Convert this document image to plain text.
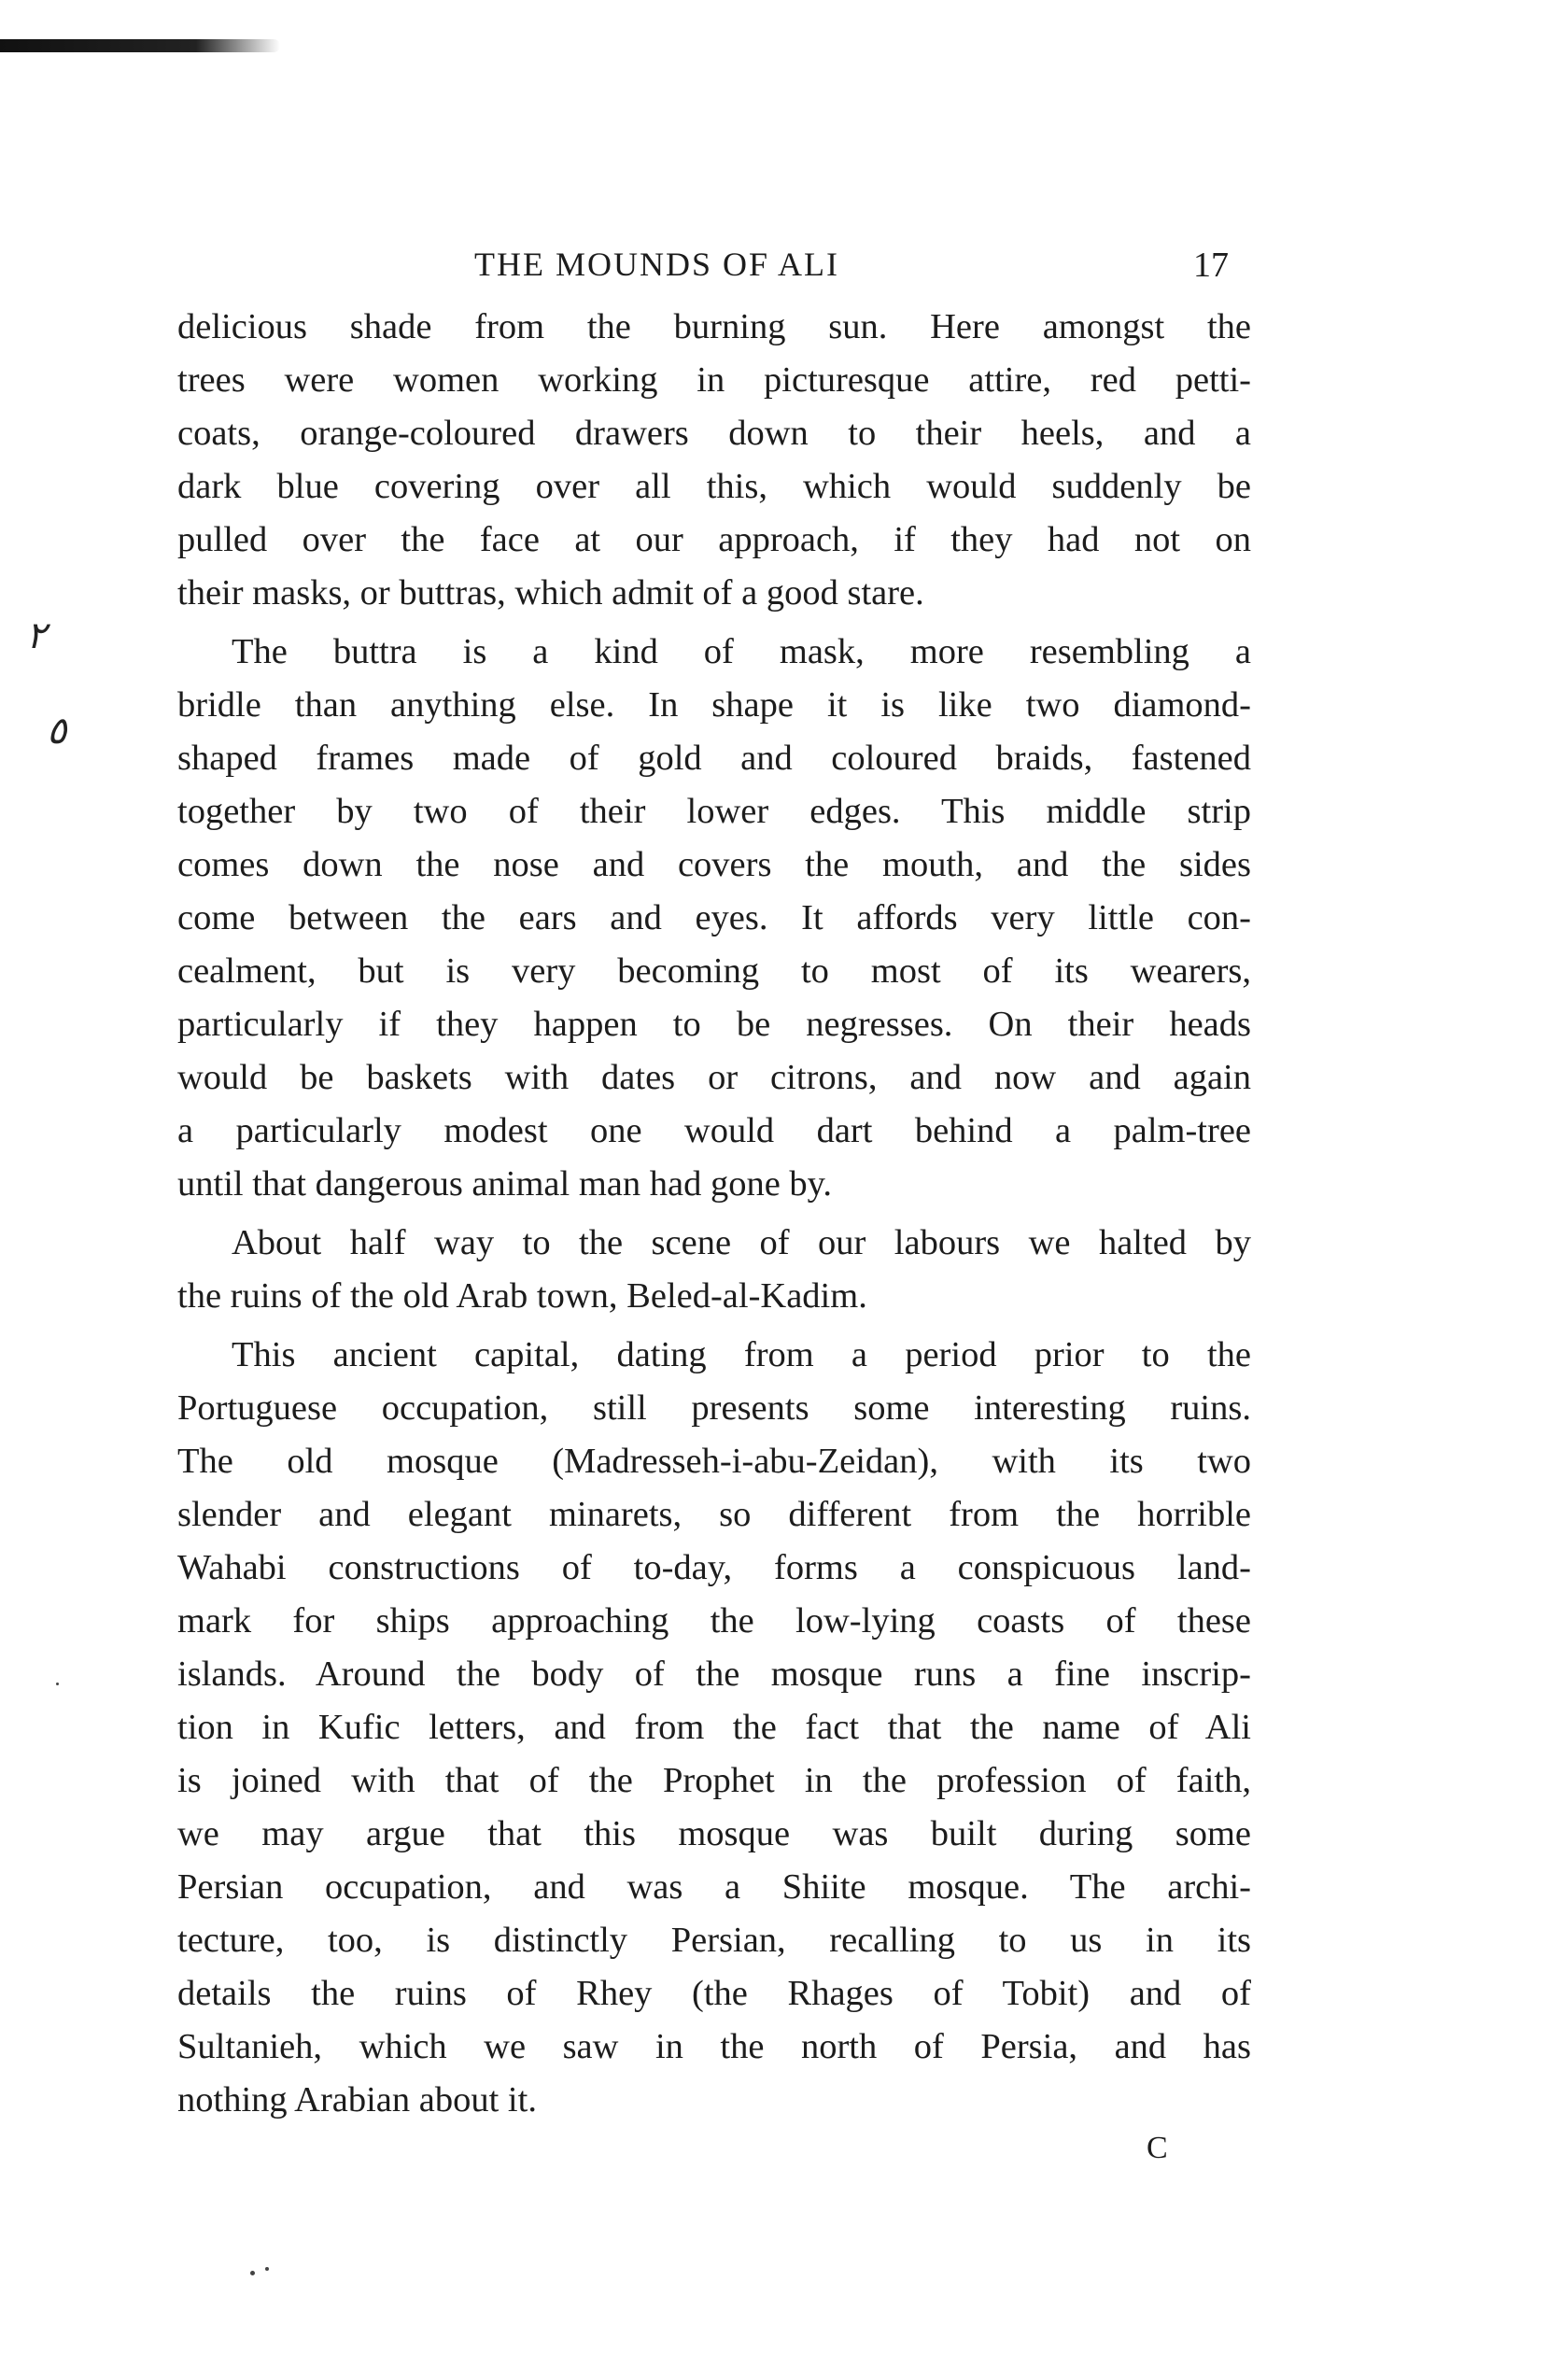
THE MOUNDS OF ALI	17
٢
٥
delicious shade from the burning sun. Here amongst the
trees were women working in picturesque attire, red petti-
coats, orange-coloured drawers down to their heels, and a
dark blue covering over all this, which would suddenly be
pulled over the face at our approach, if they had not on
their masks, or buttras, which admit of a good stare.
The buttra is a kind of mask, more resembling a
bridle than anything else. In shape it is like two diamond-
shaped frames made of gold and coloured braids, fastened
together by two of their lower edges. This middle strip
comes down the nose and covers the mouth, and the sides
come between the ears and eyes. It affords very little con-
cealment, but is very becoming to most of its wearers,
particularly if they happen to be negresses. On their heads
would be baskets with dates or citrons, and now and again
a particularly modest one would dart behind a palm-tree
until that dangerous animal man had gone by.
About half way to the scene of our labours we halted by
the ruins of the old Arab town, Beled-al-Kadim.
This ancient capital, dating from a period prior to the
Portuguese occupation, still presents some interesting ruins.
The old mosque (Madresseh-i-abu-Zeidan), with its two
slender and elegant minarets, so different from the horrible
Wahabi constructions of to-day, forms a conspicuous land-
mark for ships approaching the low-lying coasts of these
islands. Around the body of the mosque runs a fine inscrip-
tion in Kufic letters, and from the fact that the name of Ali
is joined with that of the Prophet in the profession of faith,
we may argue that this mosque was built during some
Persian occupation, and was a Shiite mosque. The archi-
tecture, too, is distinctly Persian, recalling to us in its
details the ruins of Rhey (the Rhages of Tobit) and of
Sultanieh, which we saw in the north of Persia, and has
nothing Arabian about it.
C
